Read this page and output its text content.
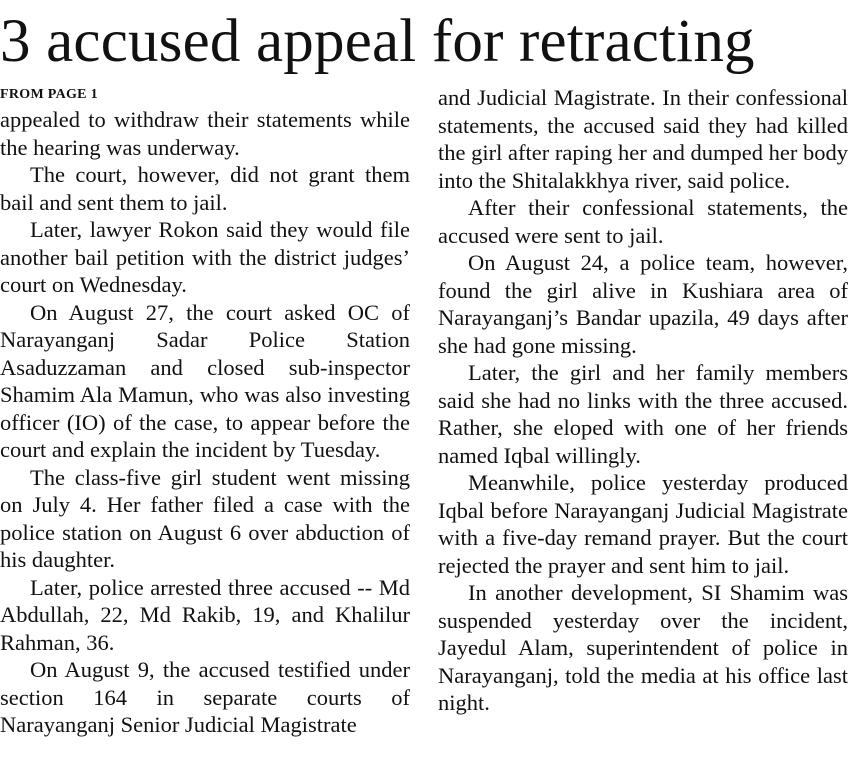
3 accused appeal for retracting
FROM PAGE 1

appealed to withdraw their statements while the hearing was underway.

The court, however, did not grant them bail and sent them to jail.

Later, lawyer Rokon said they would file another bail petition with the district judges’ court on Wednesday.

On August 27, the court asked OC of Narayanganj Sadar Police Station Asaduzzaman and closed sub-inspector Shamim Ala Mamun, who was also investing officer (IO) of the case, to appear before the court and explain the incident by Tuesday.

The class-five girl student went missing on July 4. Her father filed a case with the police station on August 6 over abduction of his daughter.

Later, police arrested three accused -- Md Abdullah, 22, Md Rakib, 19, and Khalilur Rahman, 36.

On August 9, the accused testified under section 164 in separate courts of Narayanganj Senior Judicial Magistrate

and Judicial Magistrate. In their confessional statements, the accused said they had killed the girl after raping her and dumped her body into the Shitalakkhya river, said police.

After their confessional statements, the accused were sent to jail.

On August 24, a police team, however, found the girl alive in Kushiara area of Narayanganj’s Bandar upazila, 49 days after she had gone missing.

Later, the girl and her family members said she had no links with the three accused. Rather, she eloped with one of her friends named Iqbal willingly.

Meanwhile, police yesterday produced Iqbal before Narayanganj Judicial Magistrate with a five-day remand prayer. But the court rejected the prayer and sent him to jail.

In another development, SI Shamim was suspended yesterday over the incident, Jayedul Alam, superintendent of police in Narayanganj, told the media at his office last night.
